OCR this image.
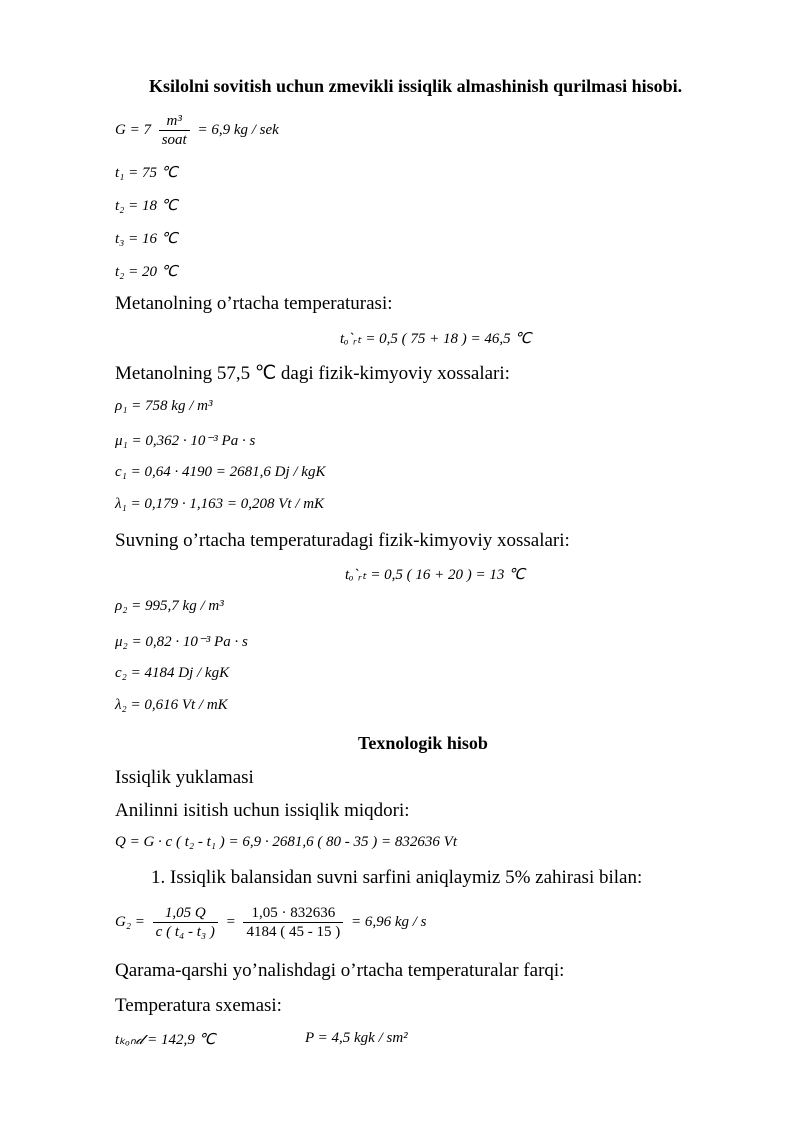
Ksilolni sovitish uchun zmevikli issiqlik almashinish qurilmasi hisobi.
$G = 7 \frac{\text{m³}}{\text{soat}} = 6,9$ kg / sek
t₁ = 75 ℃
t₂ = 18 ℃
t₃ = 16 ℃
t₂ = 20 ℃
Metanolning o’rtacha temperaturasi:
tₒ`ᵣₜ = 0,5 ( 75 + 18 ) = 46,5 ℃
Metanolning 57,5 ℃ dagi fizik-kimyoviy xossalari:
ρ₁ = 758 kg / m³
μ₁ = 0,362 · 10⁻³ Pa · s
c₁ = 0,64 · 4190 = 2681,6 Dj / kgK
λ₁ = 0,179 · 1,163 = 0,208 Vt / mK
Suvning o’rtacha temperaturadagi fizik-kimyoviy xossalari:
tₒ`ᵣₜ = 0,5 ( 16 + 20 ) = 13 ℃
ρ₂ = 995,7 kg / m³
μ₂ = 0,82 · 10⁻³ Pa · s
c₂ = 4184 Dj / kgK
λ₂ = 0,616 Vt / mK
Texnologik hisob
Issiqlik yuklamasi
Anilinni isitish uchun issiqlik miqdori:
Q = G · c ( t₂ - t₁ ) = 6,9 · 2681,6 ( 80 - 35 ) = 832636 Vt
1. Issiqlik balansidan suvni sarfini aniqlaymiz 5% zahirasi bilan:
$G_2 = \frac{1,05 Q}{\text{c ( t₄ - t₃ )}} = \frac{1,05 \cdot 832636}{4184 ( 45 - 15 )} = 6,96$ kg / s
Qarama-qarshi yo’nalishdagi o’rtacha temperaturalar farqi:
Temperatura sxemasi:
tₖₒₙ𝒹 = 142,9 ℃	P = 4,5 kgk / sm²
